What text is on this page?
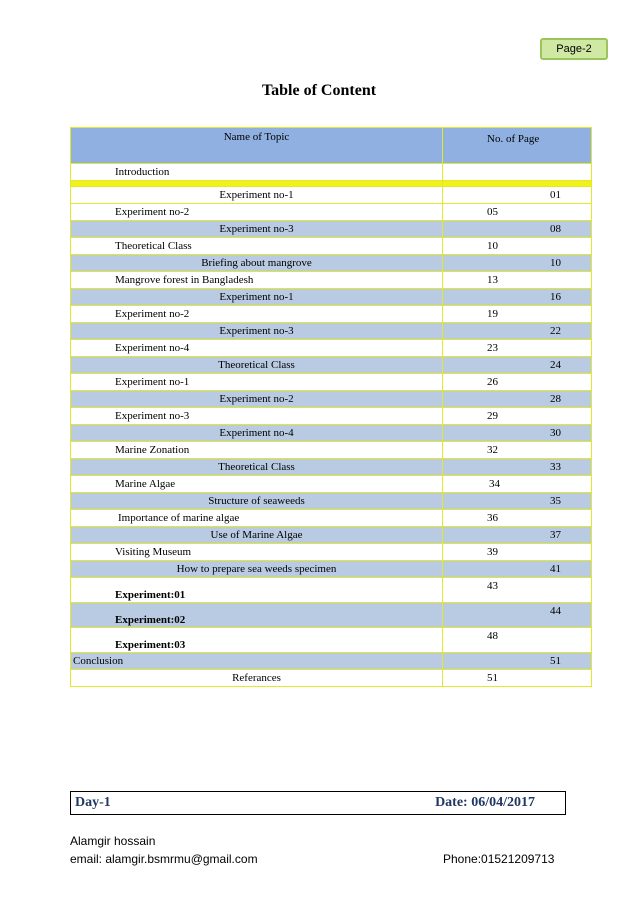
Page-2
Table of Content
Name of Topic	No. of Page
Introduction	

Experiment no-1	01
Experiment no-2	05
Experiment no-3	08
Theoretical Class	10
Briefing about mangrove	10
Mangrove forest in Bangladesh	13
Experiment no-1	16
Experiment no-2	19
Experiment no-3	22
Experiment no-4	23
Theoretical Class	24
Experiment no-1	26
Experiment no-2	28
Experiment no-3	29
Experiment no-4	30
Marine Zonation	32
Theoretical Class	33
Marine Algae	34
Structure of seaweeds	35
Importance of marine algae	36
Use of Marine Algae	37
Visiting Museum	39
How to prepare sea weeds specimen	41
Experiment:01	43
Experiment:02	44
Experiment:03	48
Conclusion	51
Referances	51
Day-1	Date: 06/04/2017
Alamgir hossain
email: alamgir.bsmrmu@gmail.com	Phone:01521209713
